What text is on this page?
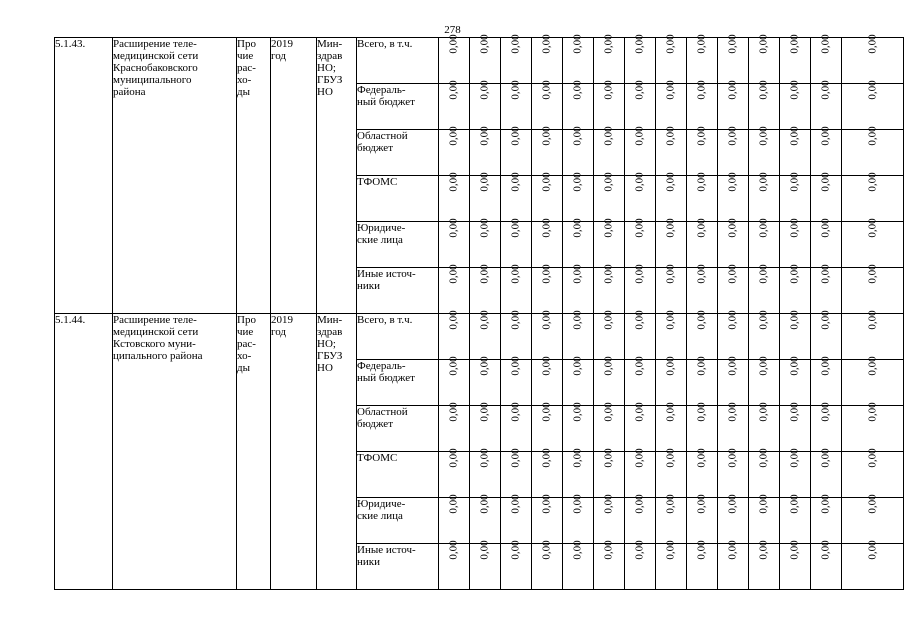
278
5.1.43.	Расширение теле-
медицинской сети
Краснобаковского
муниципального
района	Про
чие
рас-
хо-
ды	2019
год	Мин-
здрав
НО;
ГБУЗ
НО	Всего, в т.ч.	0,00	0,00	0,00	0,00	0,00	0,00	0,00	0,00	0,00	0,00	0,00	0,00	0,00	0,00
					Федераль-
ный бюджет	0,00	0,00	0,00	0,00	0,00	0,00	0,00	0,00	0,00	0,00	0,00	0,00	0,00	0,00
					Областной
бюджет	0,00	0,00	0,00	0,00	0,00	0,00	0,00	0,00	0,00	0,00	0,00	0,00	0,00	0,00
					ТФОМС	0,00	0,00	0,00	0,00	0,00	0,00	0,00	0,00	0,00	0,00	0,00	0,00	0,00	0,00
					Юридиче-
ские лица	0,00	0,00	0,00	0,00	0,00	0,00	0,00	0,00	0,00	0,00	0,00	0,00	0,00	0,00
					Иные источ-
ники	0,00	0,00	0,00	0,00	0,00	0,00	0,00	0,00	0,00	0,00	0,00	0,00	0,00	0,00
5.1.44.	Расширение теле-
медицинской сети
Кстовского муни-
ципального района	Про
чие
рас-
хо-
ды	2019
год	Мин-
здрав
НО;
ГБУЗ
НО	Всего, в т.ч.	0,00	0,00	0,00	0,00	0,00	0,00	0,00	0,00	0,00	0,00	0,00	0,00	0,00	0,00
					Федераль-
ный бюджет	0,00	0,00	0,00	0,00	0,00	0,00	0,00	0,00	0,00	0,00	0,00	0,00	0,00	0,00
					Областной
бюджет	0,00	0,00	0,00	0,00	0,00	0,00	0,00	0,00	0,00	0,00	0,00	0,00	0,00	0,00
					ТФОМС	0,00	0,00	0,00	0,00	0,00	0,00	0,00	0,00	0,00	0,00	0,00	0,00	0,00	0,00
					Юридиче-
ские лица	0,00	0,00	0,00	0,00	0,00	0,00	0,00	0,00	0,00	0,00	0,00	0,00	0,00	0,00
					Иные источ-
ники	0,00	0,00	0,00	0,00	0,00	0,00	0,00	0,00	0,00	0,00	0,00	0,00	0,00	0,00
